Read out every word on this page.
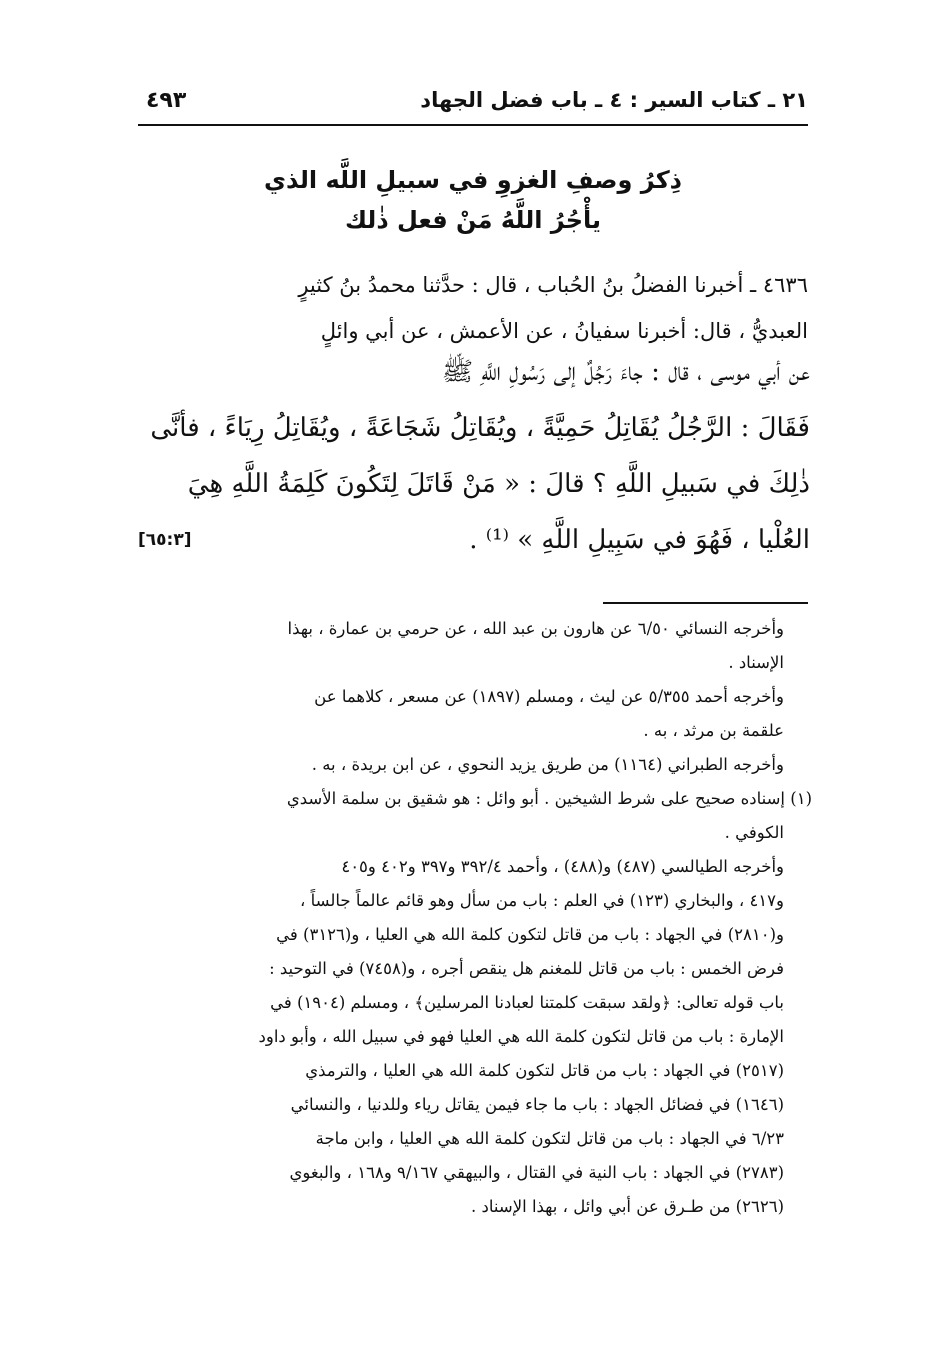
٢١ ـ كتاب السير : ٤ ـ باب فضل الجهاد
٤٩٣
ذِكرُ وصفِ الغزوِ في سبيلِ اللَّه الذي
يأْجُرُ اللَّهُ مَنْ فعل ذٰلك
٤٦٣٦ ـ أخبرنا الفضلُ بنُ الحُباب ، قال : حدَّثنا محمدُ بنُ كثيرٍ
العبديُّ ، قال: أخبرنا سفيانُ ، عن الأعمش ، عن أبي وائلٍ
عن أبي موسى ، قال : جاءَ رَجُلٌ إلى رَسُولِ اللَّهِ ﷺ
فَقَالَ : الرَّجُلُ يُقَاتِلُ حَمِيَّةً ، ويُقَاتِلُ شَجَاعَةً ، ويُقَاتِلُ رِيَاءً ، فأنَّى
ذٰلِكَ في سَبيلِ اللَّهِ ؟ قالَ : « مَنْ قَاتَلَ لِتَكُونَ كَلِمَةُ اللَّهِ هِيَ
العُلْيا ، فَهُوَ في سَبِيلِ اللَّهِ » ⁽¹⁾ .
[٦٥:٣]

وأخرجه النسائي ٦/٥٠ عن هارون بن عبد الله ، عن حرمي بن عمارة ، بهذا
الإسناد .

وأخرجه أحمد ٥/٣٥٥ عن ليث ، ومسلم (١٨٩٧) عن مسعر ، كلاهما عن
علقمة بن مرثد ، به .

وأخرجه الطبراني (١١٦٤) من طريق يزيد النحوي ، عن ابن بريدة ، به .

(١) إسناده صحيح على شرط الشيخين . أبو وائل : هو شقيق بن سلمة الأسدي
الكوفي .

وأخرجه الطيالسي (٤٨٧) و(٤٨٨) ، وأحمد ٣٩٢/٤ و٣٩٧ و٤٠٢ و٤٠٥
و٤١٧ ، والبخاري (١٢٣) في العلم : باب من سأل وهو قائم عالماً جالساً ،
و(٢٨١٠) في الجهاد : باب من قاتل لتكون كلمة الله هي العليا ، و(٣١٢٦) في
فرض الخمس : باب من قاتل للمغنم هل ينقص أجره ، و(٧٤٥٨) في التوحيد :
باب قوله تعالى: ﴿ولقد سبقت كلمتنا لعبادنا المرسلين﴾ ، ومسلم (١٩٠٤) في
الإمارة : باب من قاتل لتكون كلمة الله هي العليا فهو في سبيل الله ، وأبو داود
(٢٥١٧) في الجهاد : باب من قاتل لتكون كلمة الله هي العليا ، والترمذي
(١٦٤٦) في فضائل الجهاد : باب ما جاء فيمن يقاتل رياء وللدنيا ، والنسائي
٦/٢٣ في الجهاد : باب من قاتل لتكون كلمة الله هي العليا ، وابن ماجة
(٢٧٨٣) في الجهاد : باب النية في القتال ، والبيهقي ٩/١٦٧ و١٦٨ ، والبغوي
(٢٦٢٦) من طـرق عن أبي وائل ، بهذا الإسناد .
